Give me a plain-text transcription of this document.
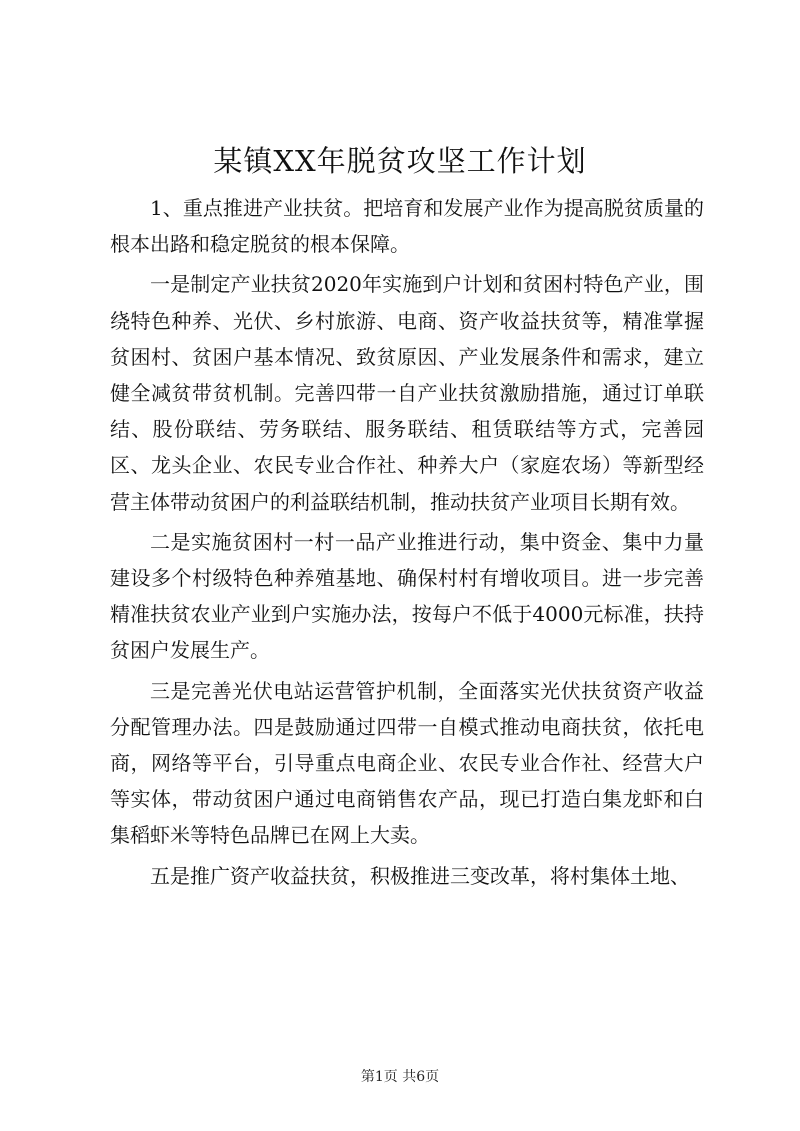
某镇XX年脱贫攻坚工作计划

1、重点推进产业扶贫。把培育和发展产业作为提高脱贫质量的根本出路和稳定脱贫的根本保障。

一是制定产业扶贫2020年实施到户计划和贫困村特色产业，围绕特色种养、光伏、乡村旅游、电商、资产收益扶贫等，精准掌握贫困村、贫困户基本情况、致贫原因、产业发展条件和需求，建立健全减贫带贫机制。完善四带一自产业扶贫激励措施，通过订单联结、股份联结、劳务联结、服务联结、租赁联结等方式，完善园区、龙头企业、农民专业合作社、种养大户（家庭农场）等新型经营主体带动贫困户的利益联结机制，推动扶贫产业项目长期有效。

二是实施贫困村一村一品产业推进行动，集中资金、集中力量建设多个村级特色种养殖基地、确保村村有增收项目。进一步完善精准扶贫农业产业到户实施办法，按每户不低于4000元标准，扶持贫困户发展生产。

三是完善光伏电站运营管护机制，全面落实光伏扶贫资产收益分配管理办法。四是鼓励通过四带一自模式推动电商扶贫，依托电商，网络等平台，引导重点电商企业、农民专业合作社、经营大户等实体，带动贫困户通过电商销售农产品，现已打造白集龙虾和白集稻虾米等特色品牌已在网上大卖。

五是推广资产收益扶贫，积极推进三变改革，将村集体土地、

第1页 共6页
